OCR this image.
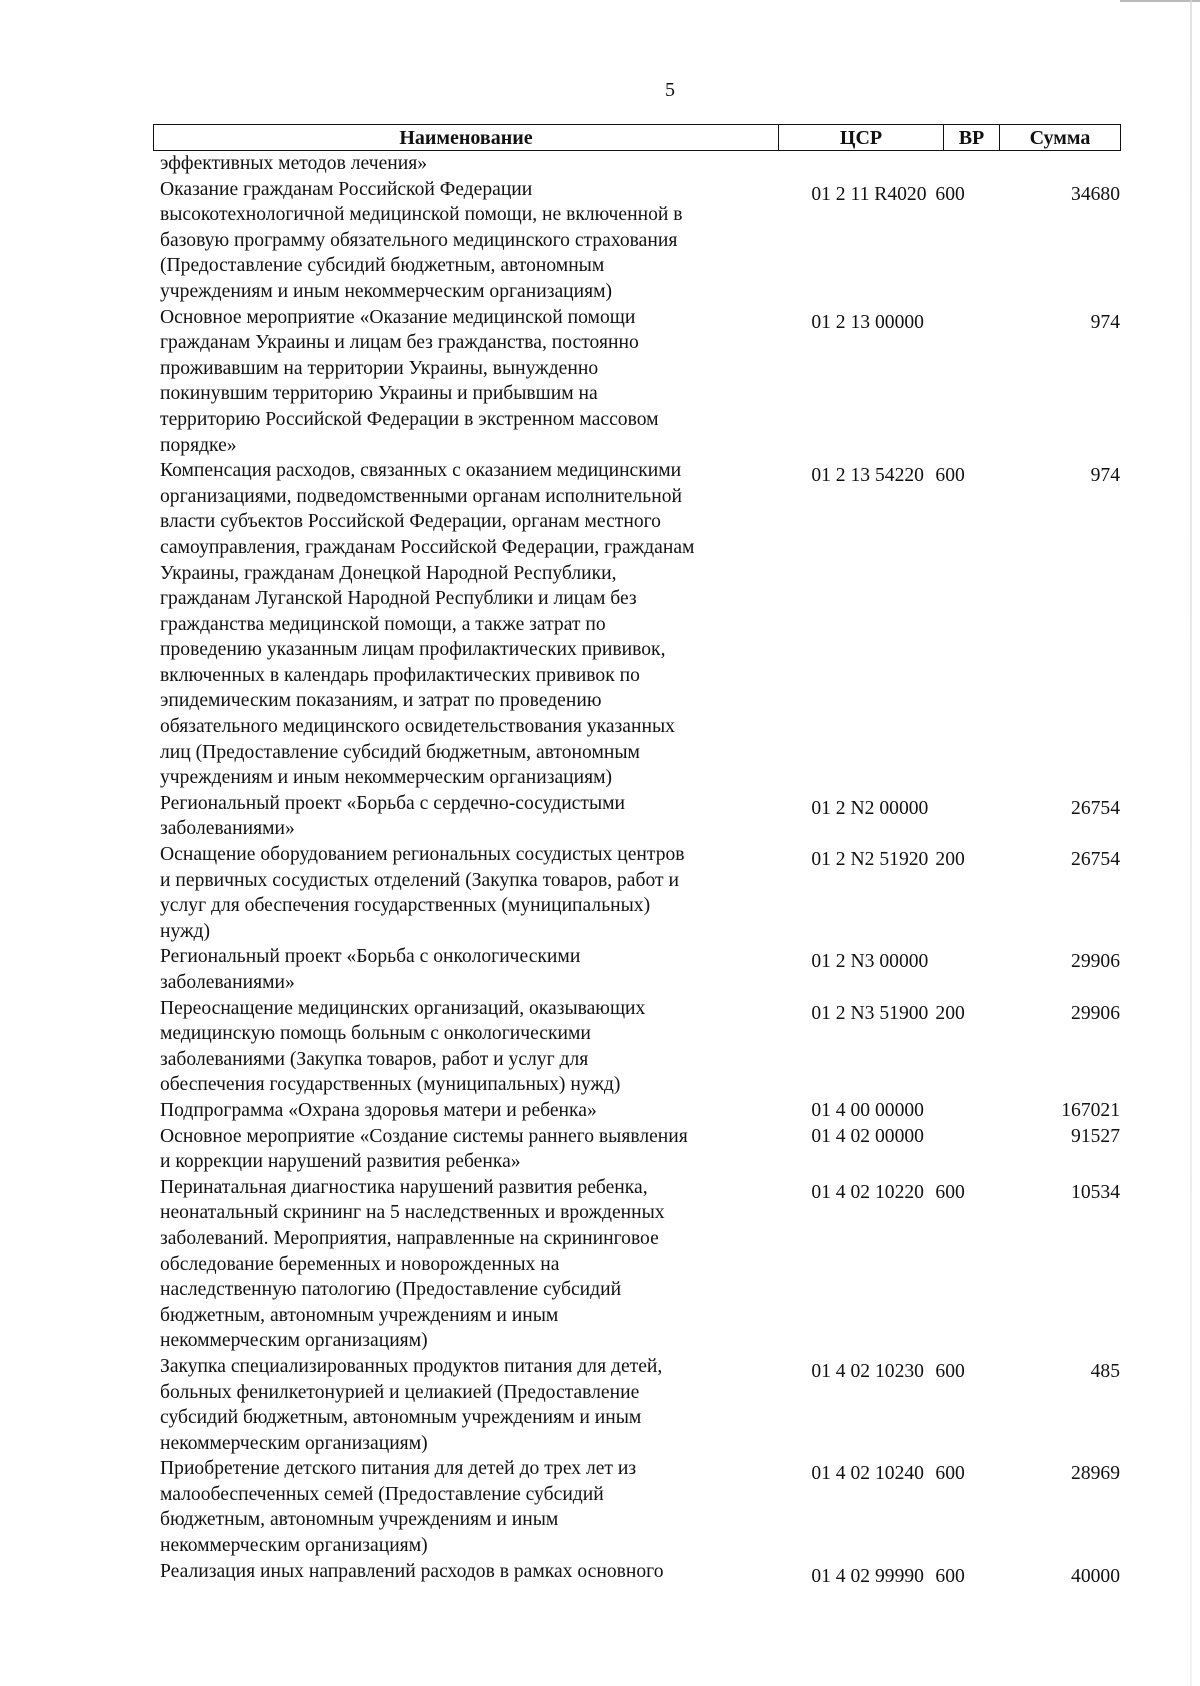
5
Наименование	ЦСР	ВР	Сумма
эффективных методов лечения»
Оказание гражданам Российской Федерации
высокотехнологичной медицинской помощи, не включенной в
базовую программу обязательного медицинского страхования
(Предоставление субсидий бюджетным, автономным
учреждениям и иным некоммерческим организациям)
01 2 11 R4020 600	34680
Основное мероприятие «Оказание медицинской помощи
гражданам Украины и лицам без гражданства, постоянно
проживавшим на территории Украины, вынужденно
покинувшим территорию Украины и прибывшим на
территорию Российской Федерации в экстренном массовом
порядке»
01 2 13 00000	974
Компенсация расходов, связанных с оказанием медицинскими
организациями, подведомственными органам исполнительной
власти субъектов Российской Федерации, органам местного
самоуправления, гражданам Российской Федерации, гражданам
Украины, гражданам Донецкой Народной Республики,
гражданам Луганской Народной Республики и лицам без
гражданства медицинской помощи, а также затрат по
проведению указанным лицам профилактических прививок,
включенных в календарь профилактических прививок по
эпидемическим показаниям, и затрат по проведению
обязательного медицинского освидетельствования указанных
лиц (Предоставление субсидий бюджетным, автономным
учреждениям и иным некоммерческим организациям)
01 2 13 54220 600	974
Региональный проект «Борьба с сердечно-сосудистыми
заболеваниями»
01 2 N2 00000	26754
Оснащение оборудованием региональных сосудистых центров
и первичных сосудистых отделений (Закупка товаров, работ и
услуг для обеспечения государственных (муниципальных)
нужд)
01 2 N2 51920 200	26754
Региональный проект «Борьба с онкологическими
заболеваниями»
01 2 N3 00000	29906
Переоснащение медицинских организаций, оказывающих
медицинскую помощь больным с онкологическими
заболеваниями (Закупка товаров, работ и услуг для
обеспечения государственных (муниципальных) нужд)
01 2 N3 51900 200	29906
Подпрограмма «Охрана здоровья матери и ребенка»	01 4 00 00000	167021
Основное мероприятие «Создание системы раннего выявления
и коррекции нарушений развития ребенка»
01 4 02 00000	91527
Перинатальная диагностика нарушений развития ребенка,
неонатальный скрининг на 5 наследственных и врожденных
заболеваний. Мероприятия, направленные на скрининговое
обследование беременных и новорожденных на
наследственную патологию (Предоставление субсидий
бюджетным, автономным учреждениям и иным
некоммерческим организациям)
01 4 02 10220 600	10534
Закупка специализированных продуктов питания для детей,
больных фенилкетонурией и целиакией (Предоставление
субсидий бюджетным, автономным учреждениям и иным
некоммерческим организациям)
01 4 02 10230 600	485
Приобретение детского питания для детей до трех лет из
малообеспеченных семей (Предоставление субсидий
бюджетным, автономным учреждениям и иным
некоммерческим организациям)
01 4 02 10240 600	28969
Реализация иных направлений расходов в рамках основного	01 4 02 99990 600	40000
